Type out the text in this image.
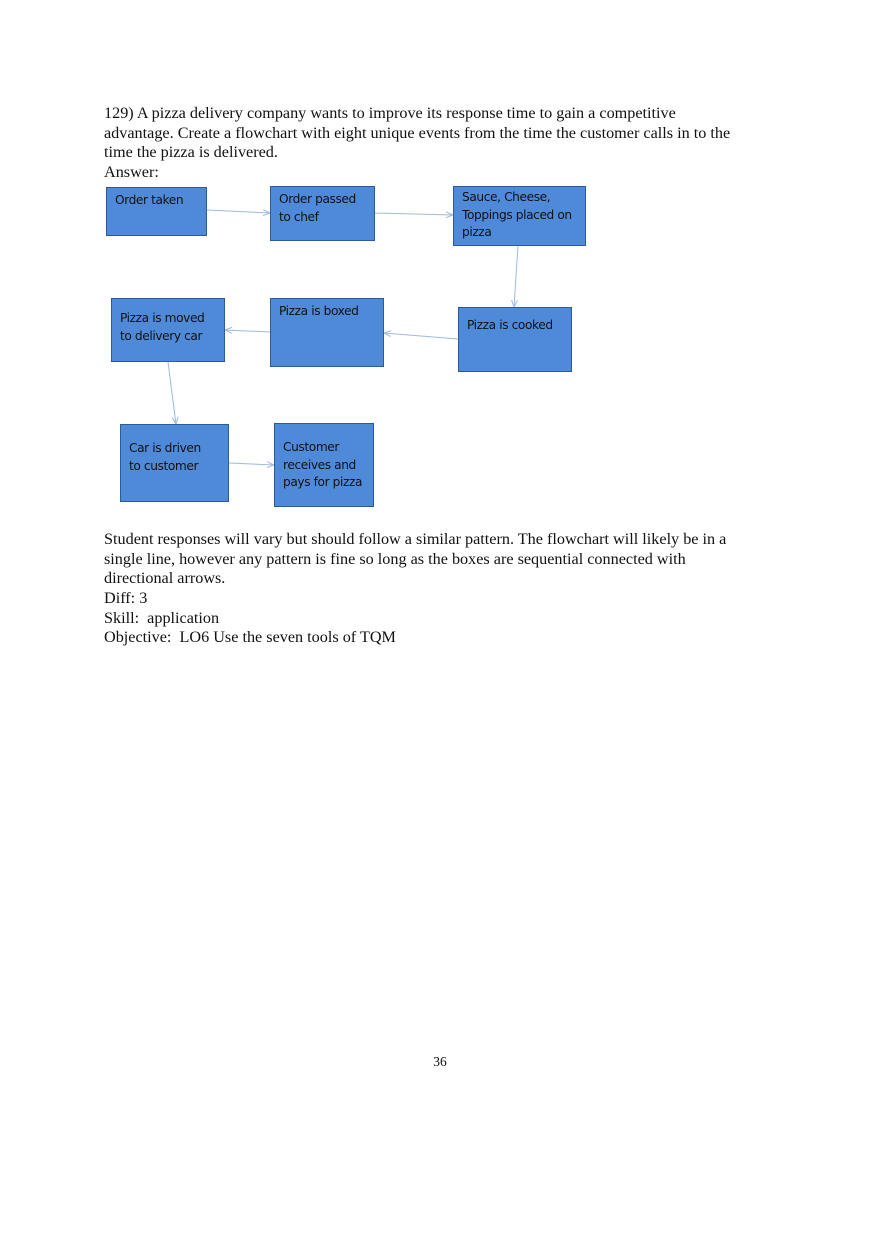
129) A pizza delivery company wants to improve its response time to gain a competitive
advantage. Create a flowchart with eight unique events from the time the customer calls in to the
time the pizza is delivered.
Answer:
Order taken	Order passed
to chef
Sauce, Cheese,
Toppings placed on
pizza
Pizza is cooked
Pizza is boxed
Pizza is moved
to delivery car
Car is driven
to customer
Customer
receives and
pays for pizza
Student responses will vary but should follow a similar pattern. The flowchart will likely be in a
single line, however any pattern is fine so long as the boxes are sequential connected with
directional arrows.
Diff: 3
Skill:  application
Objective:  LO6 Use the seven tools of TQM
36
